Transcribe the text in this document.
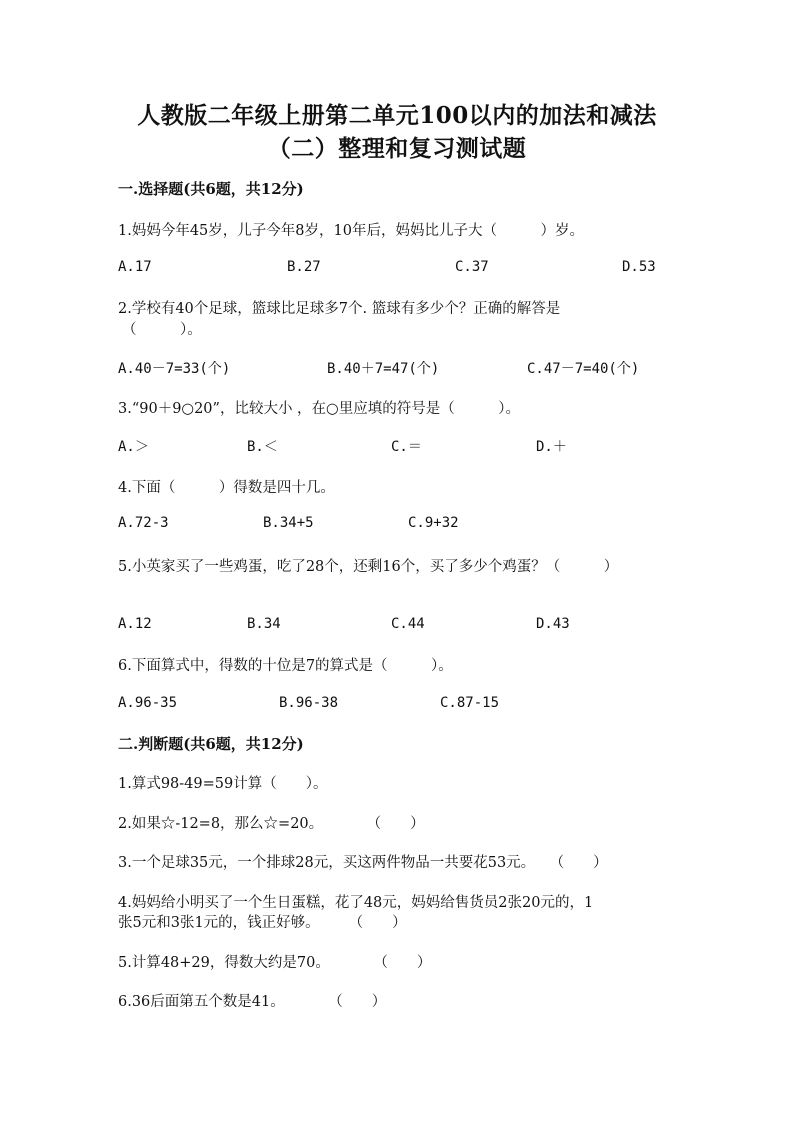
人教版二年级上册第二单元100以内的加法和减法
（二）整理和复习测试题
一.选择题(共6题，共12分)
1.妈妈今年45岁，儿子今年8岁，10年后，妈妈比儿子大（　　　）岁。
A.17	B.27	C.37	D.53
2.学校有40个足球，篮球比足球多7个. 篮球有多少个？正确的解答是
（　　　）。
A.40－7=33(个)	B.40＋7=47(个)	C.47－7=40(个)
3.“90＋9○20”，比较大小 ，在○里应填的符号是（　　　）。
A.＞	B.＜	C.＝	D.＋
4.下面（　　　）得数是四十几。
A.72-3	B.34+5	C.9+32
5.小英家买了一些鸡蛋，吃了28个，还剩16个，买了多少个鸡蛋？（　　　）
A.12	B.34	C.44	D.43
6.下面算式中，得数的十位是7的算式是（　　　）。
A.96-35	B.96-38	C.87-15
二.判断题(共6题，共12分)
1.算式98-49=59计算（　　）。
2.如果☆-12=8，那么☆=20。　　　　（　　）
3.一个足球35元，一个排球28元，买这两件物品一共要花53元。　　（　　）
4.妈妈给小明买了一个生日蛋糕，花了48元，妈妈给售货员2张20元的，1
张5元和3张1元的，钱正好够。　　　（　　）
5.计算48+29，得数大约是70。　　　　（　　）
6.36后面第五个数是41。　　　　（　　）
